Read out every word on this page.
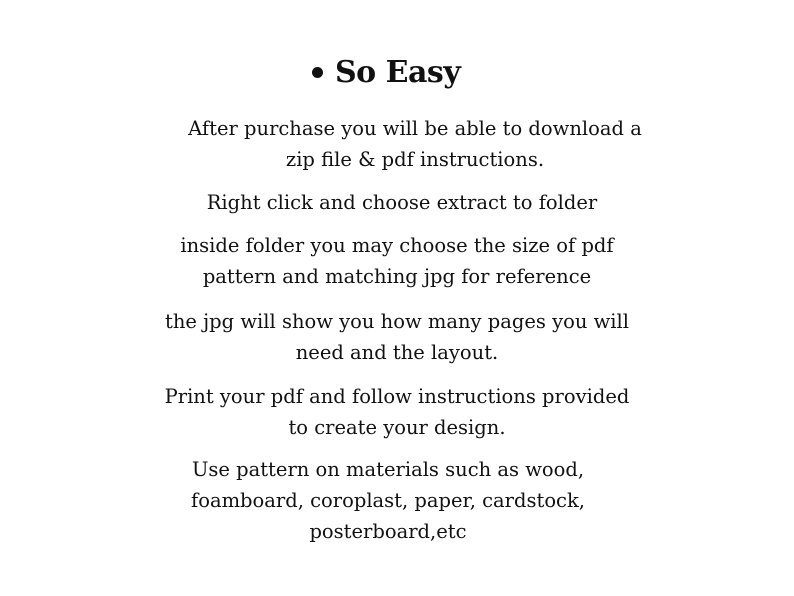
So Easy
After purchase you will be able to download a
zip file & pdf instructions.
Right click and choose extract to folder
inside folder you may choose the size of pdf
pattern and matching jpg for reference
the jpg will show you how many pages you will
need and the layout.
Print your pdf and follow instructions provided
to create your design.
Use pattern on materials such as wood,
foamboard, coroplast, paper, cardstock,
posterboard,etc
